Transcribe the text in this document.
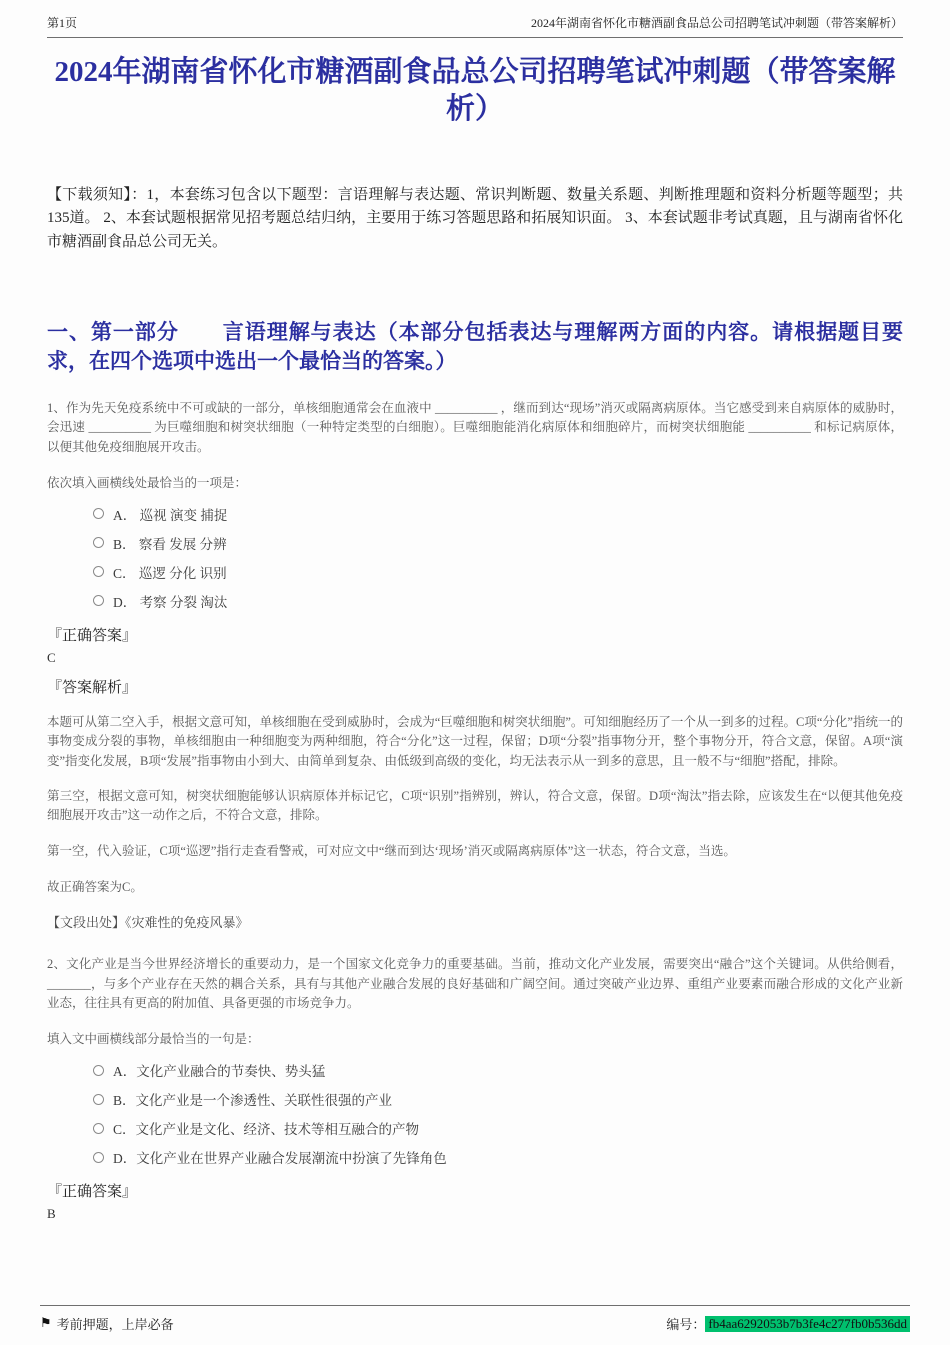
第1页	2024年湖南省怀化市糖酒副食品总公司招聘笔试冲刺题（带答案解析）
2024年湖南省怀化市糖酒副食品总公司招聘笔试冲刺题（带答案解析）

【下载须知】：1，本套练习包含以下题型：言语理解与表达题、常识判断题、数量关系题、判断推理题和资料分析题等题型；共135道。 2、本套试题根据常见招考题总结归纳，主要用于练习答题思路和拓展知识面。 3、本套试题非考试真题，且与湖南省怀化市糖酒副食品总公司无关。

一、第一部分　　言语理解与表达（本部分包括表达与理解两方面的内容。请根据题目要求，在四个选项中选出一个最恰当的答案。）

1、作为先天免疫系统中不可或缺的一部分，单核细胞通常会在血液中 __________ ，继而到达“现场”消灭或隔离病原体。当它感受到来自病原体的威胁时，会迅速 __________ 为巨噬细胞和树突状细胞（一种特定类型的白细胞）。巨噬细胞能消化病原体和细胞碎片，而树突状细胞能 __________ 和标记病原体，以便其他免疫细胞展开攻击。

依次填入画横线处最恰当的一项是：

A． 巡视 演变 捕捉
B． 察看 发展 分辨
C． 巡逻 分化 识别
D． 考察 分裂 淘汰
『正确答案』
C
『答案解析』

本题可从第二空入手，根据文意可知，单核细胞在受到威胁时，会成为“巨噬细胞和树突状细胞”。可知细胞经历了一个从一到多的过程。C项“分化”指统一的事物变成分裂的事物，单核细胞由一种细胞变为两种细胞，符合“分化”这一过程，保留；D项“分裂”指事物分开，整个事物分开，符合文意，保留。A项“演变”指变化发展，B项“发展”指事物由小到大、由简单到复杂、由低级到高级的变化，均无法表示从一到多的意思，且一般不与“细胞”搭配，排除。

第三空，根据文意可知，树突状细胞能够认识病原体并标记它，C项“识别”指辨别，辨认，符合文意，保留。D项“淘汰”指去除，应该发生在“以便其他免疫细胞展开攻击”这一动作之后，不符合文意，排除。

第一空，代入验证，C项“巡逻”指行走查看警戒，可对应文中“继而到达‘现场’消灭或隔离病原体”这一状态，符合文意，当选。

故正确答案为C。

【文段出处】《灾难性的免疫风暴》

2、文化产业是当今世界经济增长的重要动力，是一个国家文化竞争力的重要基础。当前，推动文化产业发展，需要突出“融合”这个关键词。从供给侧看，_______，与多个产业存在天然的耦合关系，具有与其他产业融合发展的良好基础和广阔空间。通过突破产业边界、重组产业要素而融合形成的文化产业新业态，往往具有更高的附加值、具备更强的市场竞争力。

填入文中画横线部分最恰当的一句是：

A．文化产业融合的节奏快、势头猛
B．文化产业是一个渗透性、关联性很强的产业
C．文化产业是文化、经济、技术等相互融合的产物
D．文化产业在世界产业融合发展潮流中扮演了先锋角色
『正确答案』
B
⚑ 考前押题，上岸必备	编号： fb4aa6292053b7b3fe4c277fb0b536dd
